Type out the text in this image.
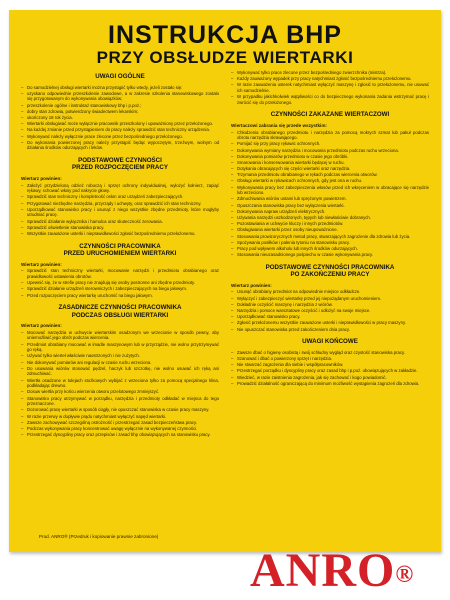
INSTRUKCJA BHP
PRZY OBSŁUDZE WIERTARKI
UWAGI OGÓLNE
– Do samodzielnej obsługi wiertarki można przystąpić tylko wtedy, jeżeli zostało się:
– uzyskano odpowiednie przeszkolenie zawodowe, a w zakresie szkolenia stanowiskowego zostało się przygotowanym do wykonywania obowiązków;
– przeszkolenie ogólne i instruktaż stanowiskowy bhp i p.poż.;
– dobry stan zdrowia, potwierdzony świadectwem lekarskim;
– ukończony 18 rok życia.
– Wiertarki obsługiwać może wyłącznie pracownik przeszkolony i upoważniony przez przełożonego.
– Na każdej zmianie przed przystąpieniem do pracy należy sprawdzić stan techniczny urządzenia.
– Wykonywać należy wyłącznie prace zlecone przez bezpośredniego przełożonego.
– Do wykonania powierzonej pracy należy przystąpić będąc wypoczętym, trzeźwym, wolnym od działania środków odurzających i leków.
PODSTAWOWE CZYNNOŚCI
PRZED ROZPOCZĘCIEM PRACY
Wiertarz powinien:
– Założyć przydzieloną odzież roboczą i sprzęt ochrony indywidualnej, wyłożyć kołnierz, zapiąć rękawy, schować włosy pod nakrycie głowy.
– Sprawdzić stan techniczny i kompletność osłon oraz urządzeń zabezpieczających.
– Przygotować niezbędne narzędzia, przyrządy i uchwyty, oraz sprawdzić ich stan techniczny.
– Uporządkować stanowisko pracy i usunąć z niego wszystkie zbędne przedmioty, które mogłyby utrudniać pracę.
– Sprawdzić działanie wyłącznika i hamulca oraz skuteczność zerowania.
– Sprawdzić oświetlenie stanowiska pracy.
– Wszystkie zauważone usterki i nieprawidłowości zgłosić bezpośredniemu przełożonemu.
CZYNNOŚCI PRACOWNIKA
PRZED URUCHOMIENIEM WIERTARKI
Wiertarz powinien:
– Sprawdzić stan techniczny wiertarki, mocowanie narzędzi i przedmiotu obrabianego oraz prawidłowość ustawienia obrotów.
– Upewnić się, że w strefie pracy nie znajdują się osoby postronne ani zbędne przedmioty.
– Sprawdzić działanie urządzeń sterowniczych i zabezpieczających na biegu jałowym.
– Przed rozpoczęciem pracy wiertarkę uruchomić na biegu jałowym.
ZASADNICZE CZYNNOŚCI PRACOWNIKA
PODCZAS OBSŁUGI WIERTARKI
Wiertarz powinien:
– Mocować narzędzia w uchwycie wiertarskim osadzonym we wrzecionie w sposób pewny, aby uniemożliwić jego obrót podczas wiercenia.
– Przedmiot obrabiany mocować w imadle maszynowym lub w przyrządzie, nie wolno przytrzymywać go ręką.
– Używać tylko wierteł właściwie naostrzonych i nie zużytych.
– Nie dokonywać pomiarów ani regulacji w czasie ruchu wrzeciona.
– Do usuwania wiórów stosować pędzel, haczyk lub szczotkę, nie wolno usuwać ich ręką ani zdmuchiwać.
– Wiertła osadzone w tulejach stożkowych wybijać z wrzeciona tylko za pomocą specjalnego klina, podkładając drewno.
– Dosuw wiertła przy końcu wiercenia otworu przelotowego zmniejszyć.
– Stanowisko pracy utrzymywać w porządku, narzędzia i przedmioty odkładać w miejsca do tego przeznaczone.
– Dozorować pracę wiertarki w sposób ciągły, nie opuszczać stanowiska w czasie pracy maszyny.
– W razie przerwy w dopływie prądu natychmiast wyłączyć napęd wiertarki.
– Zawsze zachowywać szczególną ostrożność i przestrzegać zasad bezpieczeństwa pracy.
– Podczas wykonywania pracy koncentrować uwagę wyłącznie na wykonywanej czynności.
– Przestrzegać dyscypliny pracy oraz przepisów i zasad bhp obowiązujących na stanowisku pracy.
– Wykonywać tylko prace zlecone przez bezpośredniego zwierzchnika (mistrza).
– Każdy zauważony wypadek przy pracy natychmiast zgłosić bezpośredniemu przełożonemu.
– W razie zauważenia usterek natychmiast wyłączyć maszynę i zgłosić to przełożonemu, nie usuwać ich samodzielnie.
– W przypadku jakichkolwiek wątpliwości co do bezpiecznego wykonania zadania wstrzymać pracę i zwrócić się do przełożonego.
CZYNNOŚCI ZAKAZANE WIERTACZOWI
Wiertaczowi zabrania się przede wszystkim:
– Chłodzenia obrabianego przedmiotu i narzędzia za pomocą mokrych szmat lub pakuł podczas obrotu narzędzia skrawającego.
– Pomijać się przy pracy rękawic ochronnych.
– Dokonywania wymiany narzędzia i mocowania przedmiotu podczas ruchu wrzeciona.
– Dokonywania pomiarów przedmiotu w czasie jego obróbki.
– Smarowania i konserwowania wiertarki będącej w ruchu.
– Dotykania obracających się części wiertarki oraz narzędzia.
– Trzymania przedmiotu obrabianego w rękach podczas wiercenia otworów.
– Obsługi wiertarki w rękawicach ochronnych, gdy jest ona w ruchu.
– Wykonywania pracy bez zabezpieczenia włosów przed ich wkręceniem w obracające się narzędzie lub wrzeciono.
– Zdmuchiwania wiórów ustami lub sprężonym powietrzem.
– Opuszczania stanowiska pracy bez wyłączenia wiertarki.
– Dokonywania napraw urządzeń elektrycznych.
– Używania narzędzi uszkodzonych, tępych lub niewłaściwie dobranych.
– Pozostawiania w uchwycie kluczy i innych przedmiotów.
– Obsługiwania wiertarki przez osoby nieupoważnione.
– Stosowania prowizorycznych metod pracy, stwarzających zagrożenie dla zdrowia lub życia.
– Spożywania posiłków i palenia tytoniu na stanowisku pracy.
– Pracy pod wpływem alkoholu lub innych środków odurzających.
– Stosowania nieuzasadnionego pośpiechu w czasie wykonywania pracy.
PODSTAWOWE CZYNNOŚCI PRACOWNIKA
PO ZAKOŃCZENIU PRACY
Wiertarz powinien:
– Usunąć obrabiany przedmiot na odpowiednie miejsce odkładcze.
– Wyłączyć i zabezpieczyć wiertarkę przed jej niepożądanym uruchomieniem.
– Dokładnie oczyścić maszynę i narzędzia z wiórów.
– Narzędzia i pomoce warsztatowe oczyścić i odłożyć na swoje miejsce.
– Uporządkować stanowisko pracy.
– Zgłosić przełożonemu wszystkie zauważone usterki i nieprawidłowości w pracy maszyny.
– Nie opuszczać stanowiska przed zakończeniem dnia pracy.
UWAGI KOŃCOWE
– Zawsze dbać o higienę osobistą i swój schludny wygląd oraz czystość stanowiska pracy.
– Szanować i dbać o powierzony sprzęt i narzędzia.
– Nie stwarzać zagrożenia dla siebie i współpracowników.
– Przestrzegać porządku i dyscypliny pracy oraz zasad bhp i p.poż. obowiązujących w zakładzie.
– Wiedzieć, w razie zaistnienia zagrożenia, jak się zachować i kogo powiadomić.
– Prowadzić działalność ograniczającą do minimum możliwość wystąpienia zagrożeń dla zdrowia.
Prod. ANRO® (Przedruk i kopiowanie prawnie zabronione)
ANRO®
